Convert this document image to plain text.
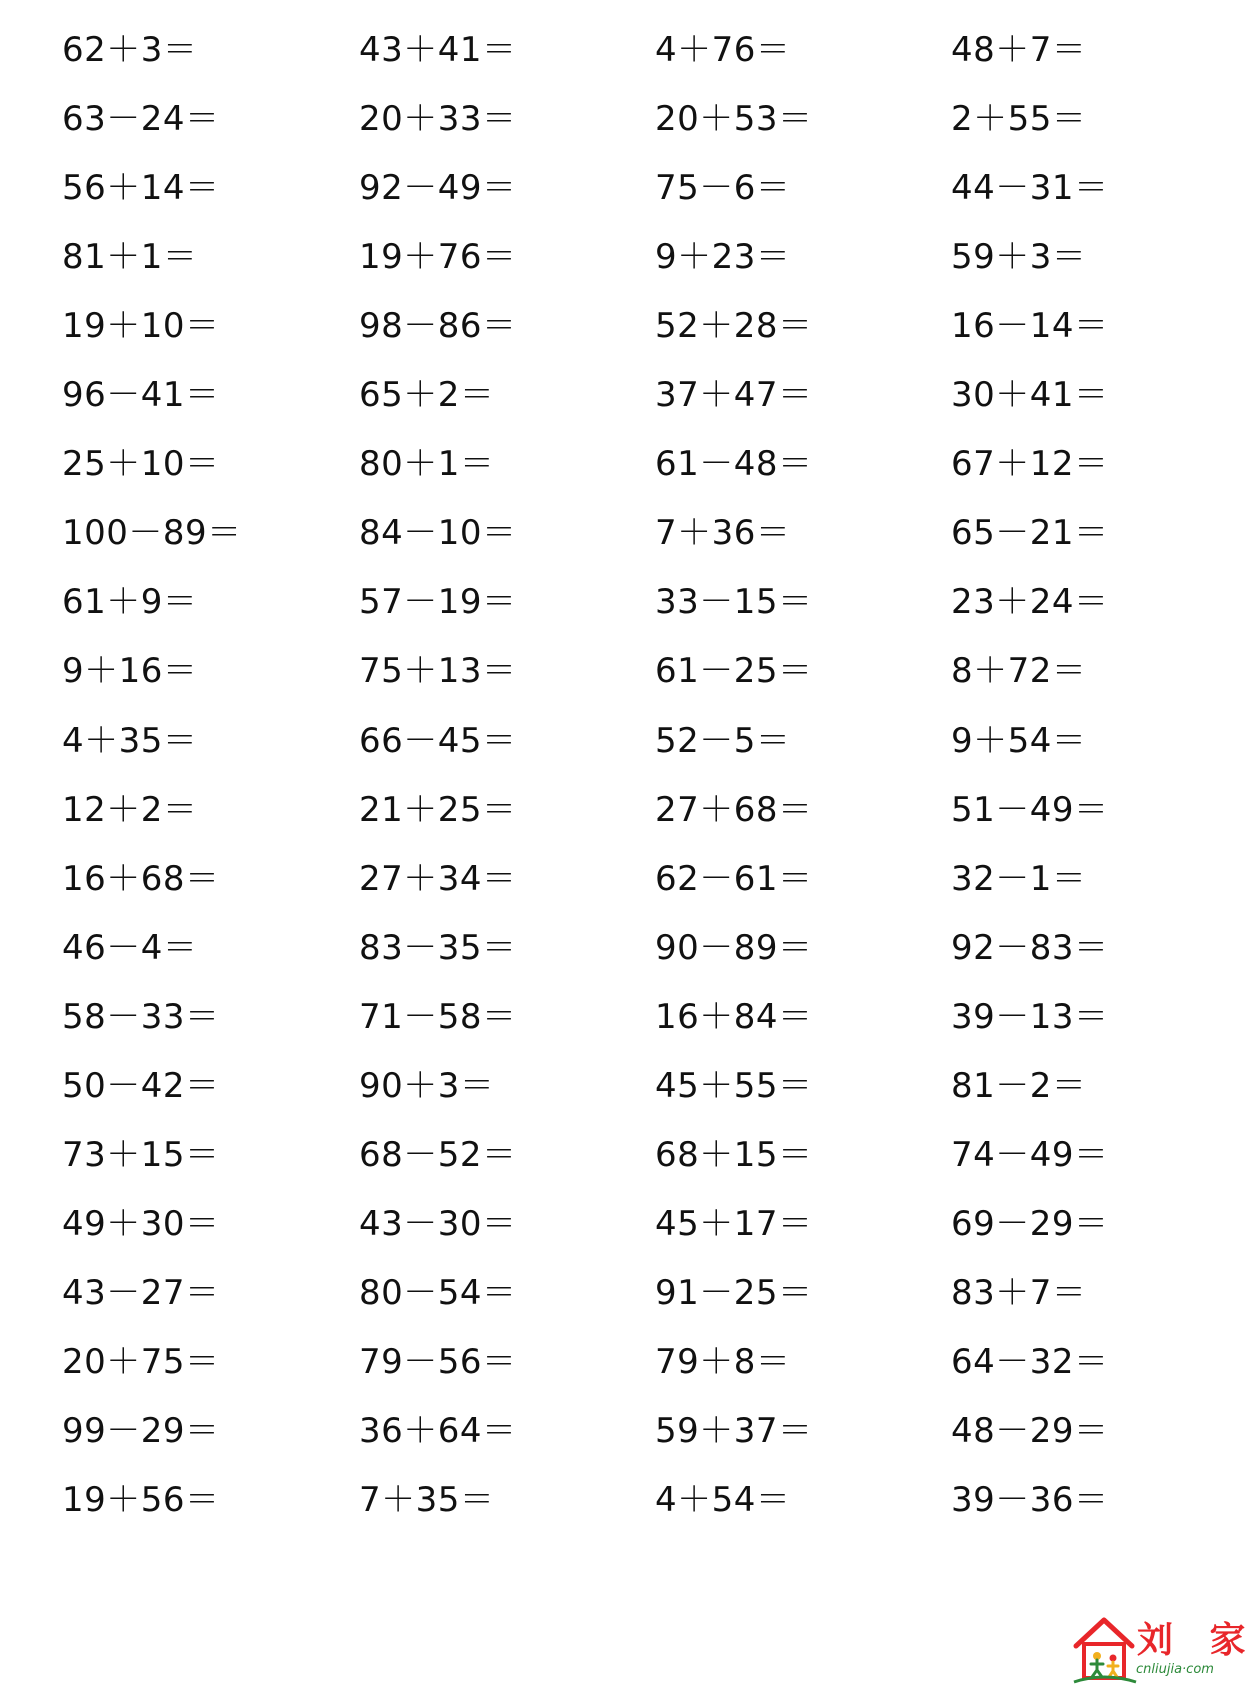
62＋3＝	43＋41＝	4＋76＝	48＋7＝
63－24＝	20＋33＝	20＋53＝	2＋55＝
56＋14＝	92－49＝	75－6＝	44－31＝
81＋1＝	19＋76＝	9＋23＝	59＋3＝
19＋10＝	98－86＝	52＋28＝	16－14＝
96－41＝	65＋2＝	37＋47＝	30＋41＝
25＋10＝	80＋1＝	61－48＝	67＋12＝
100－89＝	84－10＝	7＋36＝	65－21＝
61＋9＝	57－19＝	33－15＝	23＋24＝
9＋16＝	75＋13＝	61－25＝	8＋72＝
4＋35＝	66－45＝	52－5＝	9＋54＝
12＋2＝	21＋25＝	27＋68＝	51－49＝
16＋68＝	27＋34＝	62－61＝	32－1＝
46－4＝	83－35＝	90－89＝	92－83＝
58－33＝	71－58＝	16＋84＝	39－13＝
50－42＝	90＋3＝	45＋55＝	81－2＝
73＋15＝	68－52＝	68＋15＝	74－49＝
49＋30＝	43－30＝	45＋17＝	69－29＝
43－27＝	80－54＝	91－25＝	83＋7＝
20＋75＝	79－56＝	79＋8＝	64－32＝
99－29＝	36＋64＝	59＋37＝	48－29＝
19＋56＝	7＋35＝	4＋54＝	39－36＝
刘 家
cnliujia·com
